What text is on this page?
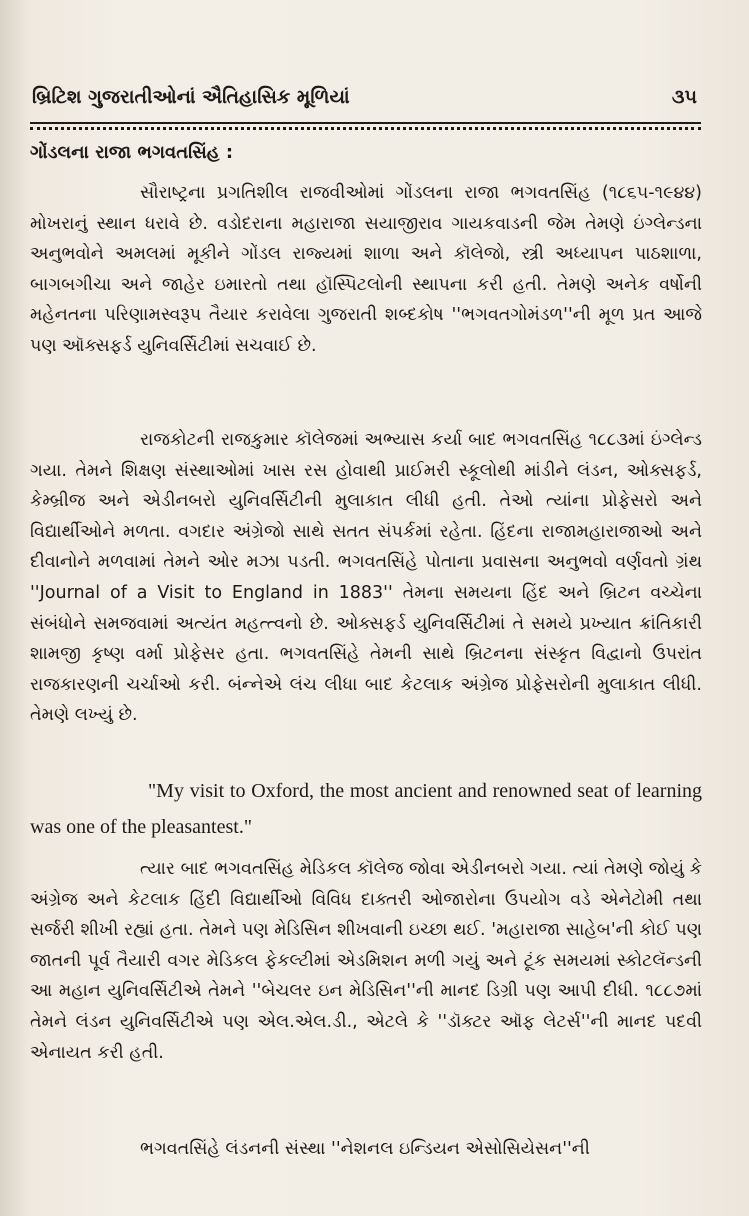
બ્રિટિશ ગુજરાતીઓનાં ઐતિહાસિક મૂળિયાં	૩૫
ગોંડલના રાજા ભગવતસિંહ :
સૌરાષ્ટ્રના પ્રગતિશીલ રાજવીઓમાં ગોંડલના રાજા ભગવતસિંહ (૧૮૬૫-૧૯૪૪) મોખરાનું સ્થાન ધરાવે છે. વડોદરાના મહારાજા સયાજીરાવ ગાયકવાડની જેમ તેમણે ઇંગ્લેન્ડના અનુભવોને અમલમાં મૂકીને ગોંડલ રાજ્યમાં શાળા અને કૉલેજો, સ્ત્રી અધ્યાપન પાઠશાળા, બાગબગીચા અને જાહેર ઇમારતો તથા હૉસ્પિટલોની સ્થાપના કરી હતી. તેમણે અનેક વર્ષોની મહેનતના પરિણામસ્વરૂપ તૈયાર કરાવેલા ગુજરાતી શબ્દકોષ ''ભગવતગોમંડળ''ની મૂળ પ્રત આજે પણ ઑક્સફર્ડ યુનિવર્સિટીમાં સચવાઈ છે.
રાજકોટની રાજકુમાર કૉલેજમાં અભ્યાસ કર્યા બાદ ભગવતસિંહ ૧૮૮૩માં ઇંગ્લેન્ડ ગયા. તેમને શિક્ષણ સંસ્થાઓમાં ખાસ રસ હોવાથી પ્રાઈમરી સ્કૂલોથી માંડીને લંડન, ઓક્સફર્ડ, કેમ્બ્રીજ અને એડીનબરો યુનિવર્સિટીની મુલાકાત લીધી હતી. તેઓ ત્યાંના પ્રોફેસરો અને વિદ્યાર્થીઓને મળતા. વગદાર અંગ્રેજો સાથે સતત સંપર્કમાં રહેતા. હિંદના રાજામહારાજાઓ અને દીવાનોને મળવામાં તેમને ઓર મઝા પડતી. ભગવતસિંહે પોતાના પ્રવાસના અનુભવો વર્ણવતો ગ્રંથ ''Journal of a Visit to England in 1883'' તેમના સમયના હિંદ અને બ્રિટન વચ્ચેના સંબંધોને સમજવામાં અત્યંત મહત્ત્વનો છે. ઓક્સફર્ડ યુનિવર્સિટીમાં તે સમયે પ્રખ્યાત ક્રાંતિકારી શામજી કૃષ્ણ વર્મા પ્રોફેસર હતા. ભગવતસિંહે તેમની સાથે બ્રિટનના સંસ્કૃત વિદ્વાનો ઉપરાંત રાજકારણની ચર્ચાઓ કરી. બંન્નેએ લંચ લીધા બાદ કેટલાક અંગ્રેજ પ્રોફેસરોની મુલાકાત લીધી. તેમણે લખ્યું છે.
"My visit to Oxford, the most ancient and renowned seat of learning was one of the pleasantest."
ત્યાર બાદ ભગવતસિંહ મેડિકલ કૉલેજ જોવા એડીનબરો ગયા. ત્યાં તેમણે જોયું કે અંગ્રેજ અને કેટલાક હિંદી વિદ્યાર્થીઓ વિવિધ દાક્તરી ઓજારોના ઉપયોગ વડે એનેટોમી તથા સર્જરી શીખી રહ્યાં હતા. તેમને પણ મેડિસિન શીખવાની ઇચ્છા થઈ. 'મહારાજા સાહેબ'ની કોઈ પણ જાતની પૂર્વ તૈયારી વગર મેડિકલ ફેકલ્ટીમાં એડમિશન મળી ગયું અને ટૂંક સમયમાં સ્કોટલૅન્ડની આ મહાન યુનિવર્સિટીએ તેમને ''બેચલર ઇન મેડિસિન''ની માનદ ડિગ્રી પણ આપી દીધી. ૧૮૮૭માં તેમને લંડન યુનિવર્સિટીએ પણ એલ.એલ.ડી., એટલે કે ''ડૉક્ટર ઑફ લેટર્સ''ની માનદ પદવી એનાયત કરી હતી.
ભગવતસિંહે લંડનની સંસ્થા ''નેશનલ ઇન્ડિયન એસોસિયેસન''ની
